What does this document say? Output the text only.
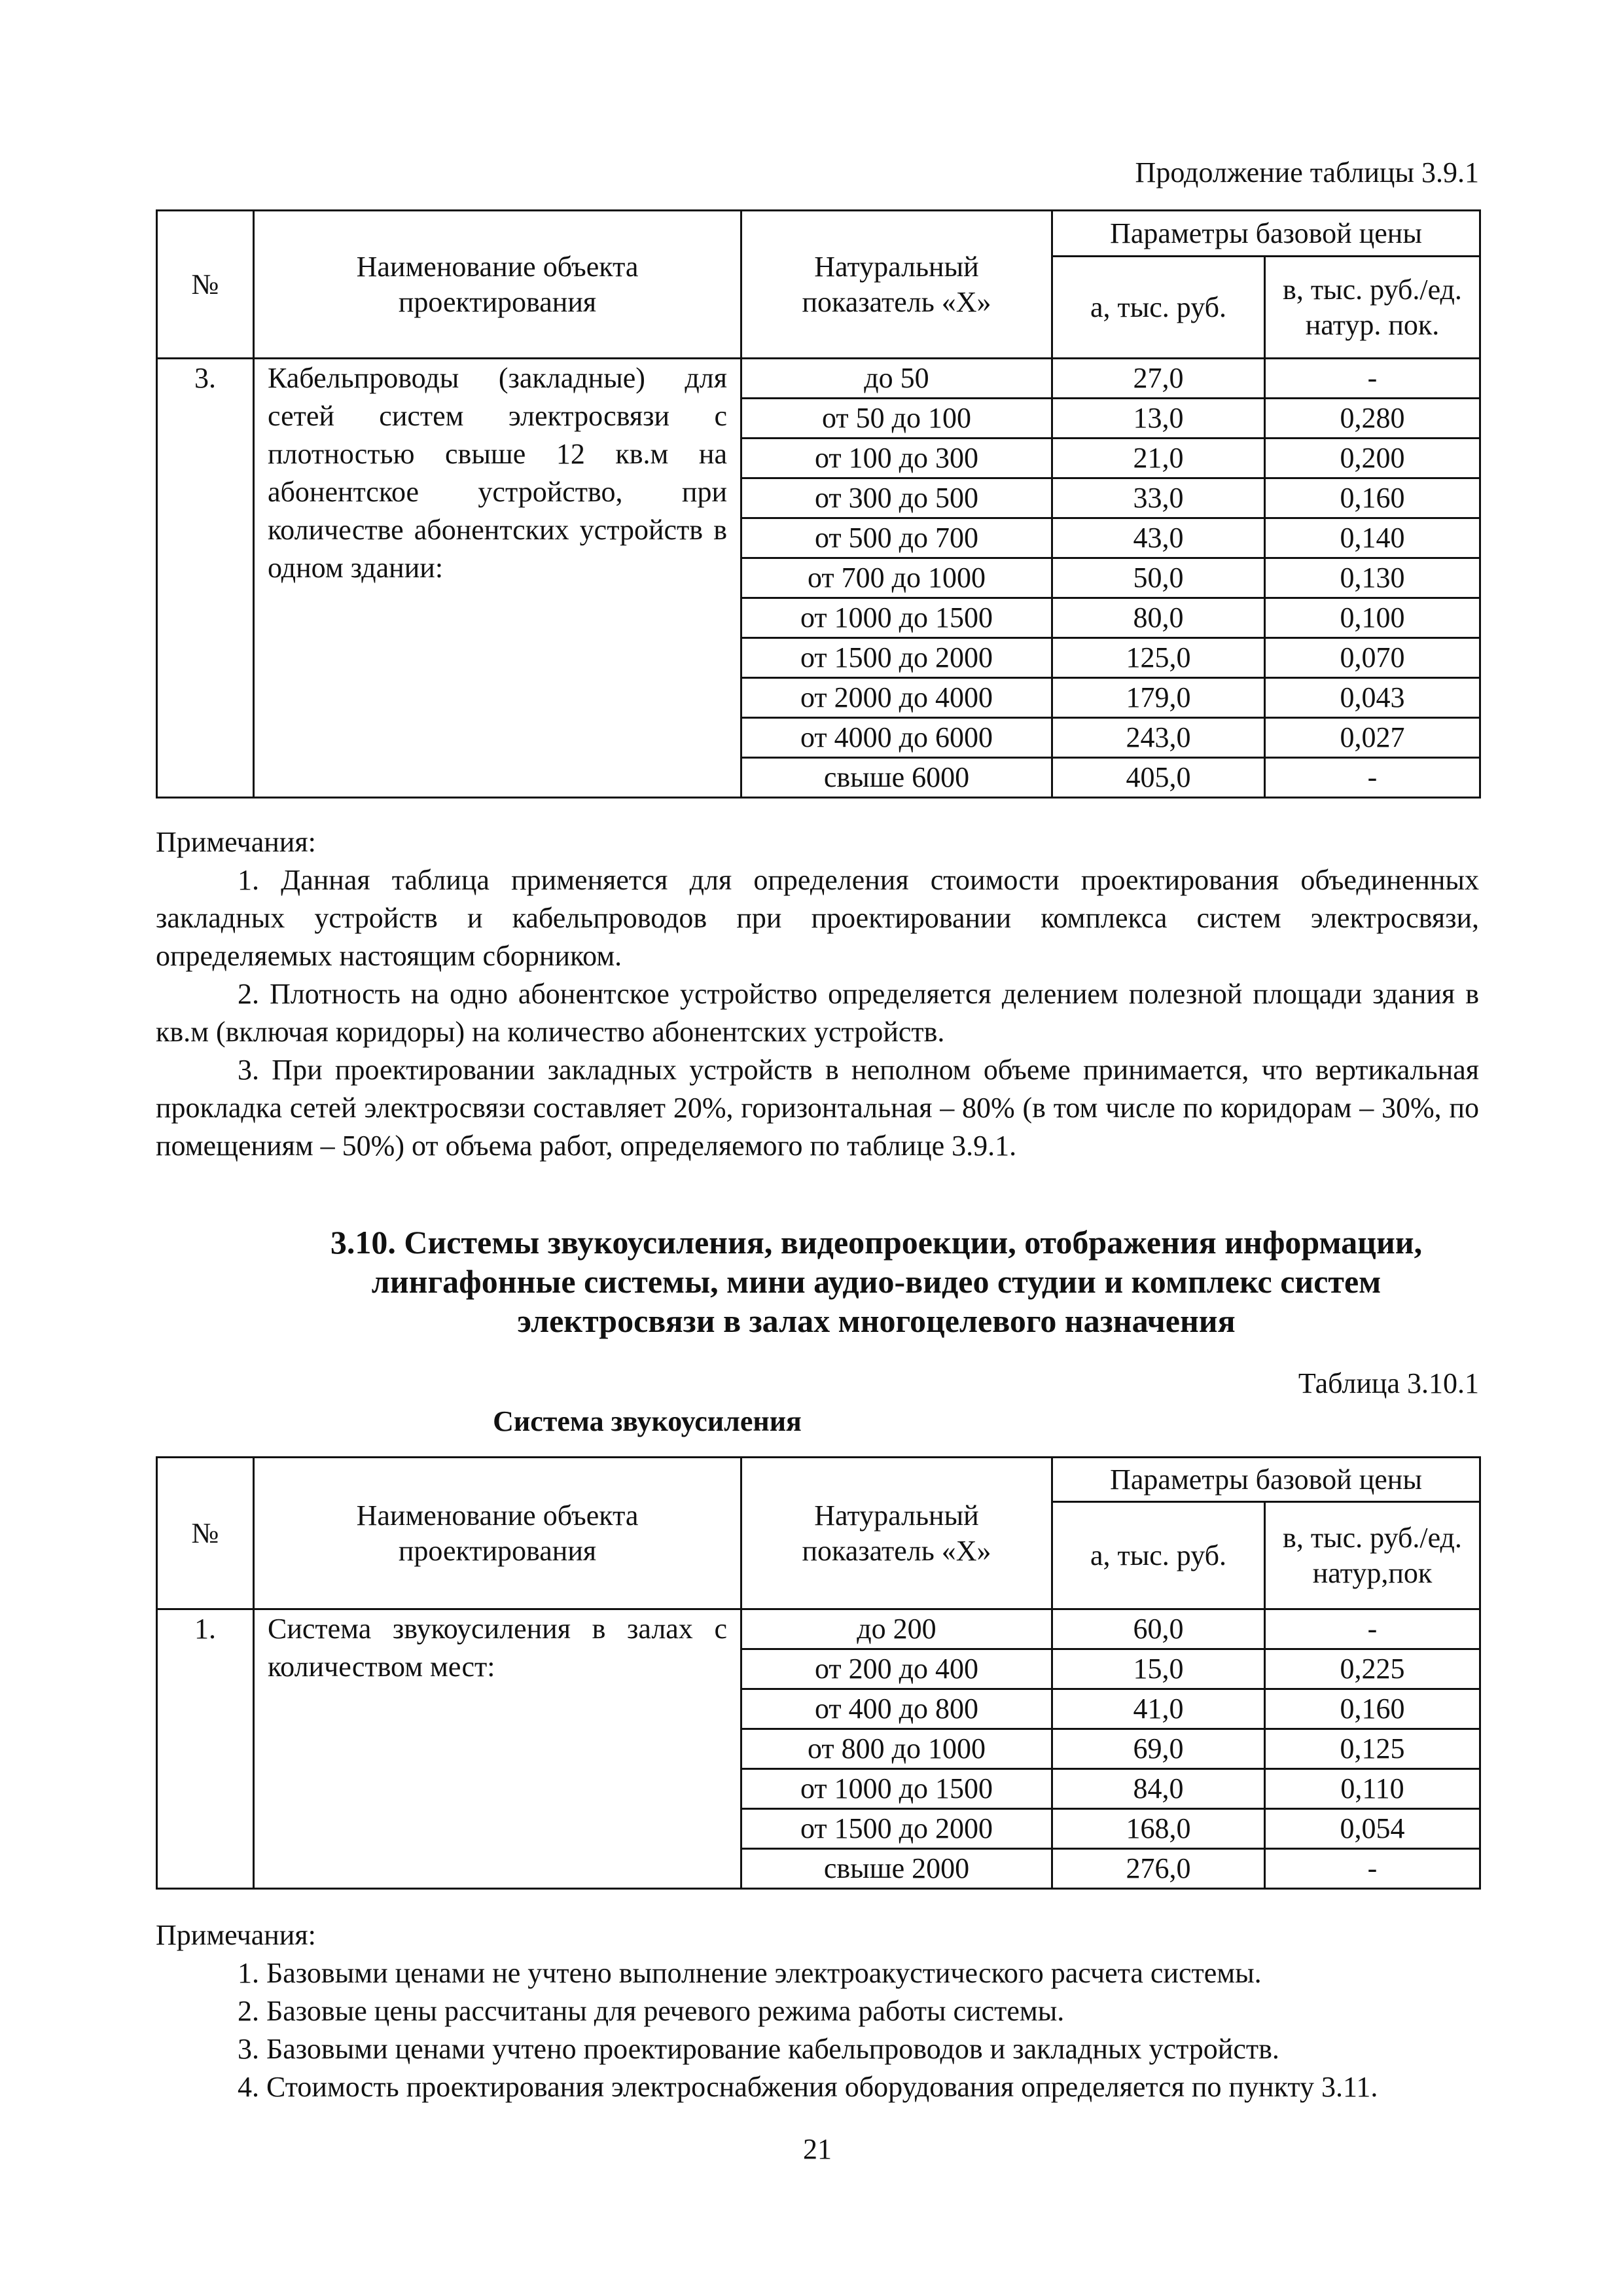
Продолжение таблицы 3.9.1
№	Наименование объекта проектирования	Натуральный показатель «X»	Параметры базовой цены	
			а, тыс. руб.	в, тыс. руб./ед. натур. пок.
3.	Кабельпроводы (закладные) для сетей систем электросвязи с плотностью свыше 12 кв.м на абонентское устройство, при количестве абонентских устройств в одном здании:	до 50	27,0	-
		от 50 до 100	13,0	0,280
		от 100 до 300	21,0	0,200
		от 300 до 500	33,0	0,160
		от 500 до 700	43,0	0,140
		от 700 до 1000	50,0	0,130
		от 1000 до 1500	80,0	0,100
		от 1500 до 2000	125,0	0,070
		от 2000 до 4000	179,0	0,043
		от 4000 до 6000	243,0	0,027
		свыше 6000	405,0	-

Примечания:

1. Данная таблица применяется для определения стоимости проектирования объединенных закладных устройств и кабельпроводов при проектировании комплекса систем электросвязи, определяемых настоящим сборником.

2. Плотность на одно абонентское устройство определяется делением полезной площади здания в кв.м (включая коридоры) на количество абонентских устройств.

3. При проектировании закладных устройств в неполном объеме принимается, что вертикальная прокладка сетей электросвязи составляет 20%, горизонтальная – 80% (в том числе по коридорам – 30%, по помещениям – 50%) от объема работ, определяемого по таблице 3.9.1.

3.10. Системы звукоусиления, видеопроекции, отображения информации,
лингафонные системы, мини аудио-видео студии и комплекс систем
электросвязи в залах многоцелевого назначения
Таблица 3.10.1
Система звукоусиления
№	Наименование объекта проектирования	Натуральный показатель «X»	Параметры базовой цены	
			а, тыс. руб.	в, тыс. руб./ед. натур,пок
1.	Система звукоусиления в залах с количеством мест:	до 200	60,0	-
		от 200 до 400	15,0	0,225
		от 400 до 800	41,0	0,160
		от 800 до 1000	69,0	0,125
		от 1000 до 1500	84,0	0,110
		от 1500 до 2000	168,0	0,054
		свыше 2000	276,0	-

Примечания:

1. Базовыми ценами не учтено выполнение электроакустического расчета системы.

2. Базовые цены рассчитаны для речевого режима работы системы.

3. Базовыми ценами учтено проектирование кабельпроводов и закладных устройств.

4. Стоимость проектирования электроснабжения оборудования определяется по пункту 3.11.

21
